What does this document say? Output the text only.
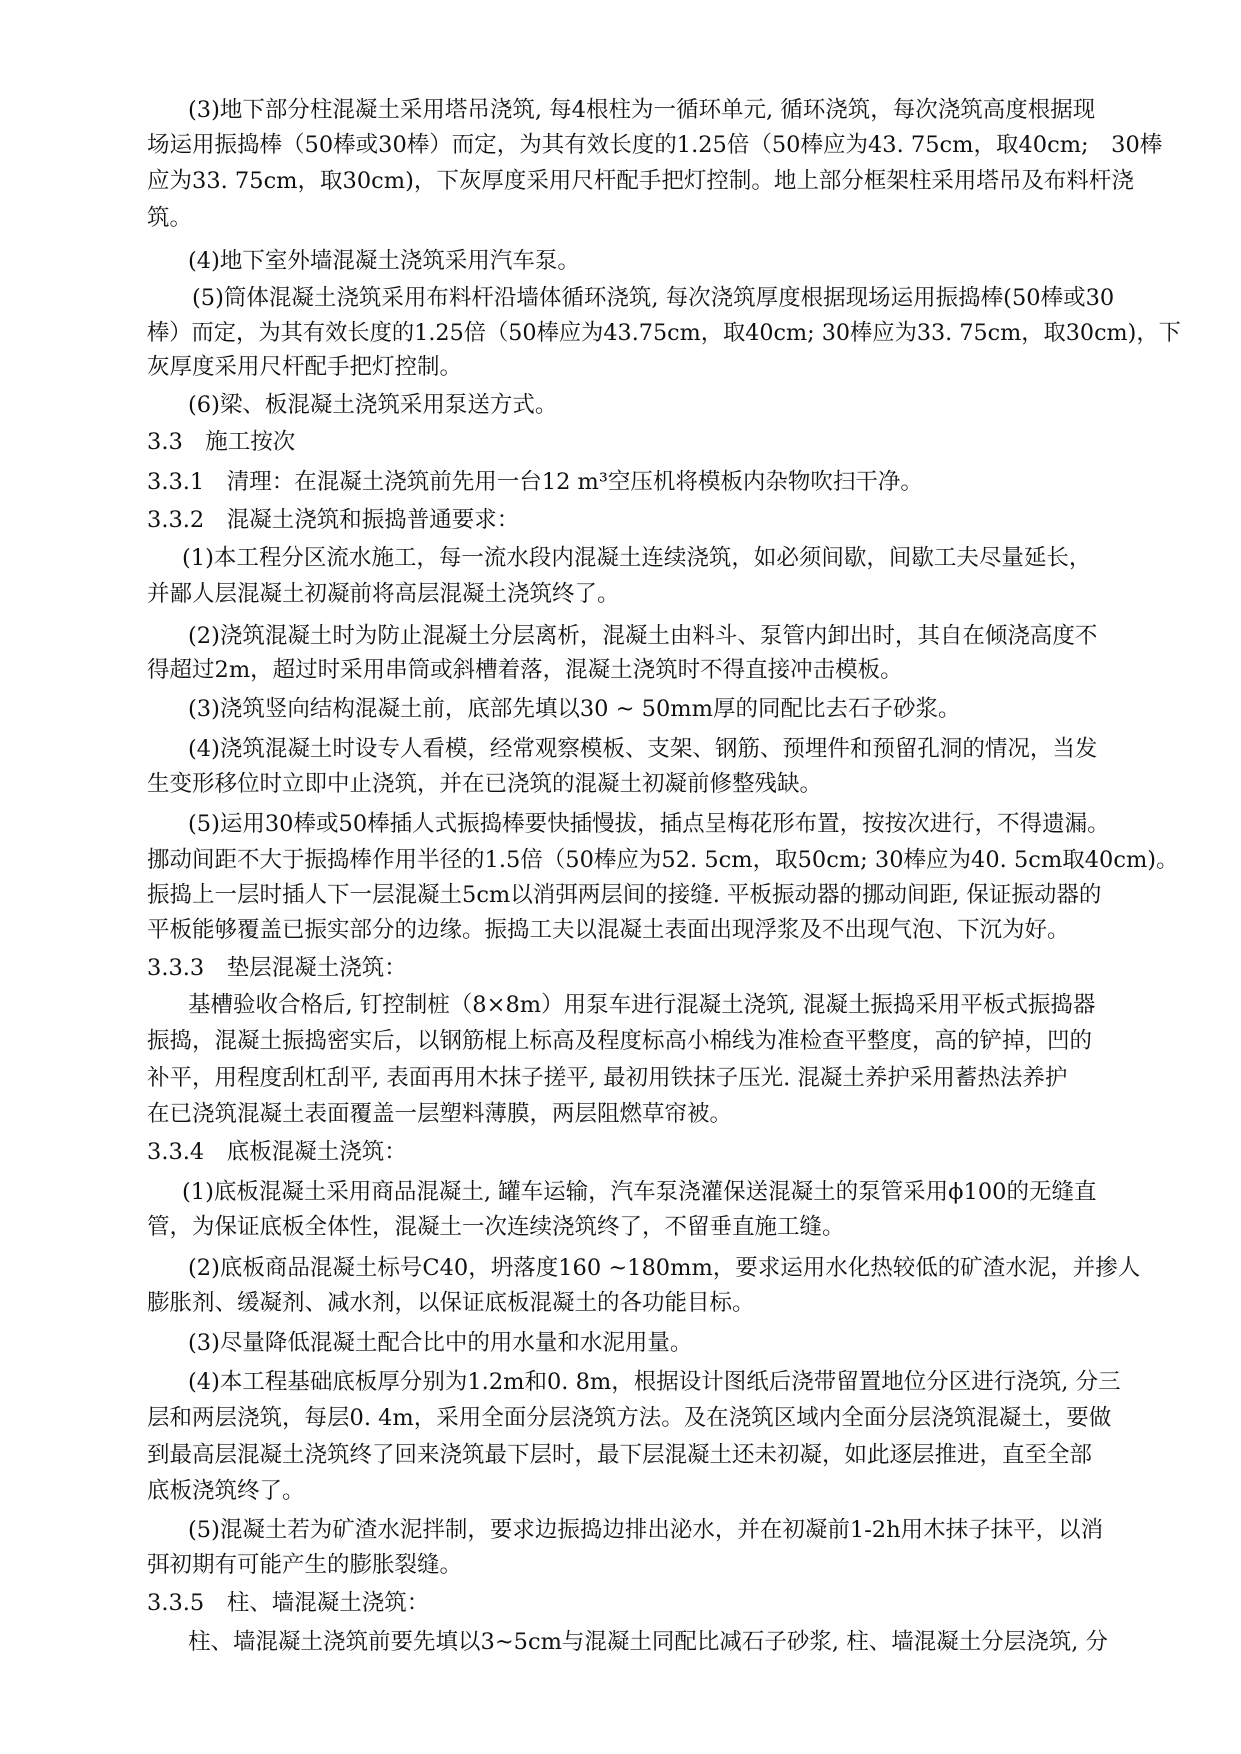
(3)地下部分柱混凝土采用塔吊浇筑, 每4根柱为一循环单元, 循环浇筑，每次浇筑高度根据现
场运用振捣棒（50棒或30棒）而定，为其有效长度的1.25倍（50棒应为43. 75cm，取40cm;　30棒
应为33. 75cm，取30cm)，下灰厚度采用尺杆配手把灯控制。地上部分框架柱采用塔吊及布料杆浇
筑。
(4)地下室外墙混凝土浇筑采用汽车泵。
(5)筒体混凝土浇筑采用布料杆沿墙体循环浇筑, 每次浇筑厚度根据现场运用振捣棒(50棒或30
棒）而定，为其有效长度的1.25倍（50棒应为43.75cm，取40cm; 30棒应为33. 75cm，取30cm)，下
灰厚度采用尺杆配手把灯控制。
(6)梁、板混凝土浇筑采用泵送方式。
3.3　施工按次
3.3.1　清理：在混凝土浇筑前先用一台12 m³空压机将模板内杂物吹扫干净。
3.3.2　混凝土浇筑和振捣普通要求：
(1)本工程分区流水施工，每一流水段内混凝土连续浇筑，如必须间歇，间歇工夫尽量延长，
并鄙人层混凝土初凝前将高层混凝土浇筑终了。
(2)浇筑混凝土时为防止混凝土分层离析，混凝土由料斗、泵管内卸出时，其自在倾浇高度不
得超过2m，超过时采用串筒或斜槽着落，混凝土浇筑时不得直接冲击模板。
(3)浇筑竖向结构混凝土前，底部先填以30 ~ 50mm厚的同配比去石子砂浆。
(4)浇筑混凝土时设专人看模，经常观察模板、支架、钢筋、预埋件和预留孔洞的情况，当发
生变形移位时立即中止浇筑，并在已浇筑的混凝土初凝前修整残缺。
(5)运用30棒或50棒插人式振捣棒要快插慢拔，插点呈梅花形布置，按按次进行，不得遗漏。
挪动间距不大于振捣棒作用半径的1.5倍（50棒应为52. 5cm，取50cm; 30棒应为40. 5cm取40cm)。
振捣上一层时插人下一层混凝土5cm以消弭两层间的接缝. 平板振动器的挪动间距, 保证振动器的
平板能够覆盖已振实部分的边缘。振捣工夫以混凝土表面出现浮浆及不出现气泡、下沉为好。
3.3.3　垫层混凝土浇筑：
基槽验收合格后, 钉控制桩（8×8m）用泵车进行混凝土浇筑, 混凝土振捣采用平板式振捣器
振捣，混凝土振捣密实后，以钢筋棍上标高及程度标高小棉线为准检查平整度，高的铲掉，凹的
补平，用程度刮杠刮平, 表面再用木抹子搓平, 最初用铁抹子压光. 混凝土养护采用蓄热法养护
在已浇筑混凝土表面覆盖一层塑料薄膜，两层阻燃草帘被。
3.3.4　底板混凝土浇筑：
(1)底板混凝土采用商品混凝土, 罐车运输，汽车泵浇灌保送混凝土的泵管采用ϕ100的无缝直
管，为保证底板全体性，混凝土一次连续浇筑终了，不留垂直施工缝。
(2)底板商品混凝土标号C40，坍落度160 ~180mm，要求运用水化热较低的矿渣水泥，并掺人
膨胀剂、缓凝剂、减水剂，以保证底板混凝土的各功能目标。
(3)尽量降低混凝土配合比中的用水量和水泥用量。
(4)本工程基础底板厚分别为1.2m和0. 8m，根据设计图纸后浇带留置地位分区进行浇筑, 分三
层和两层浇筑，每层0. 4m，采用全面分层浇筑方法。及在浇筑区域内全面分层浇筑混凝土，要做
到最高层混凝土浇筑终了回来浇筑最下层时，最下层混凝土还未初凝，如此逐层推进，直至全部
底板浇筑终了。
(5)混凝土若为矿渣水泥拌制，要求边振捣边排出泌水，并在初凝前1-2h用木抹子抹平，以消
弭初期有可能产生的膨胀裂缝。
3.3.5　柱、墙混凝土浇筑：
柱、墙混凝土浇筑前要先填以3~5cm与混凝土同配比减石子砂浆, 柱、墙混凝土分层浇筑, 分
